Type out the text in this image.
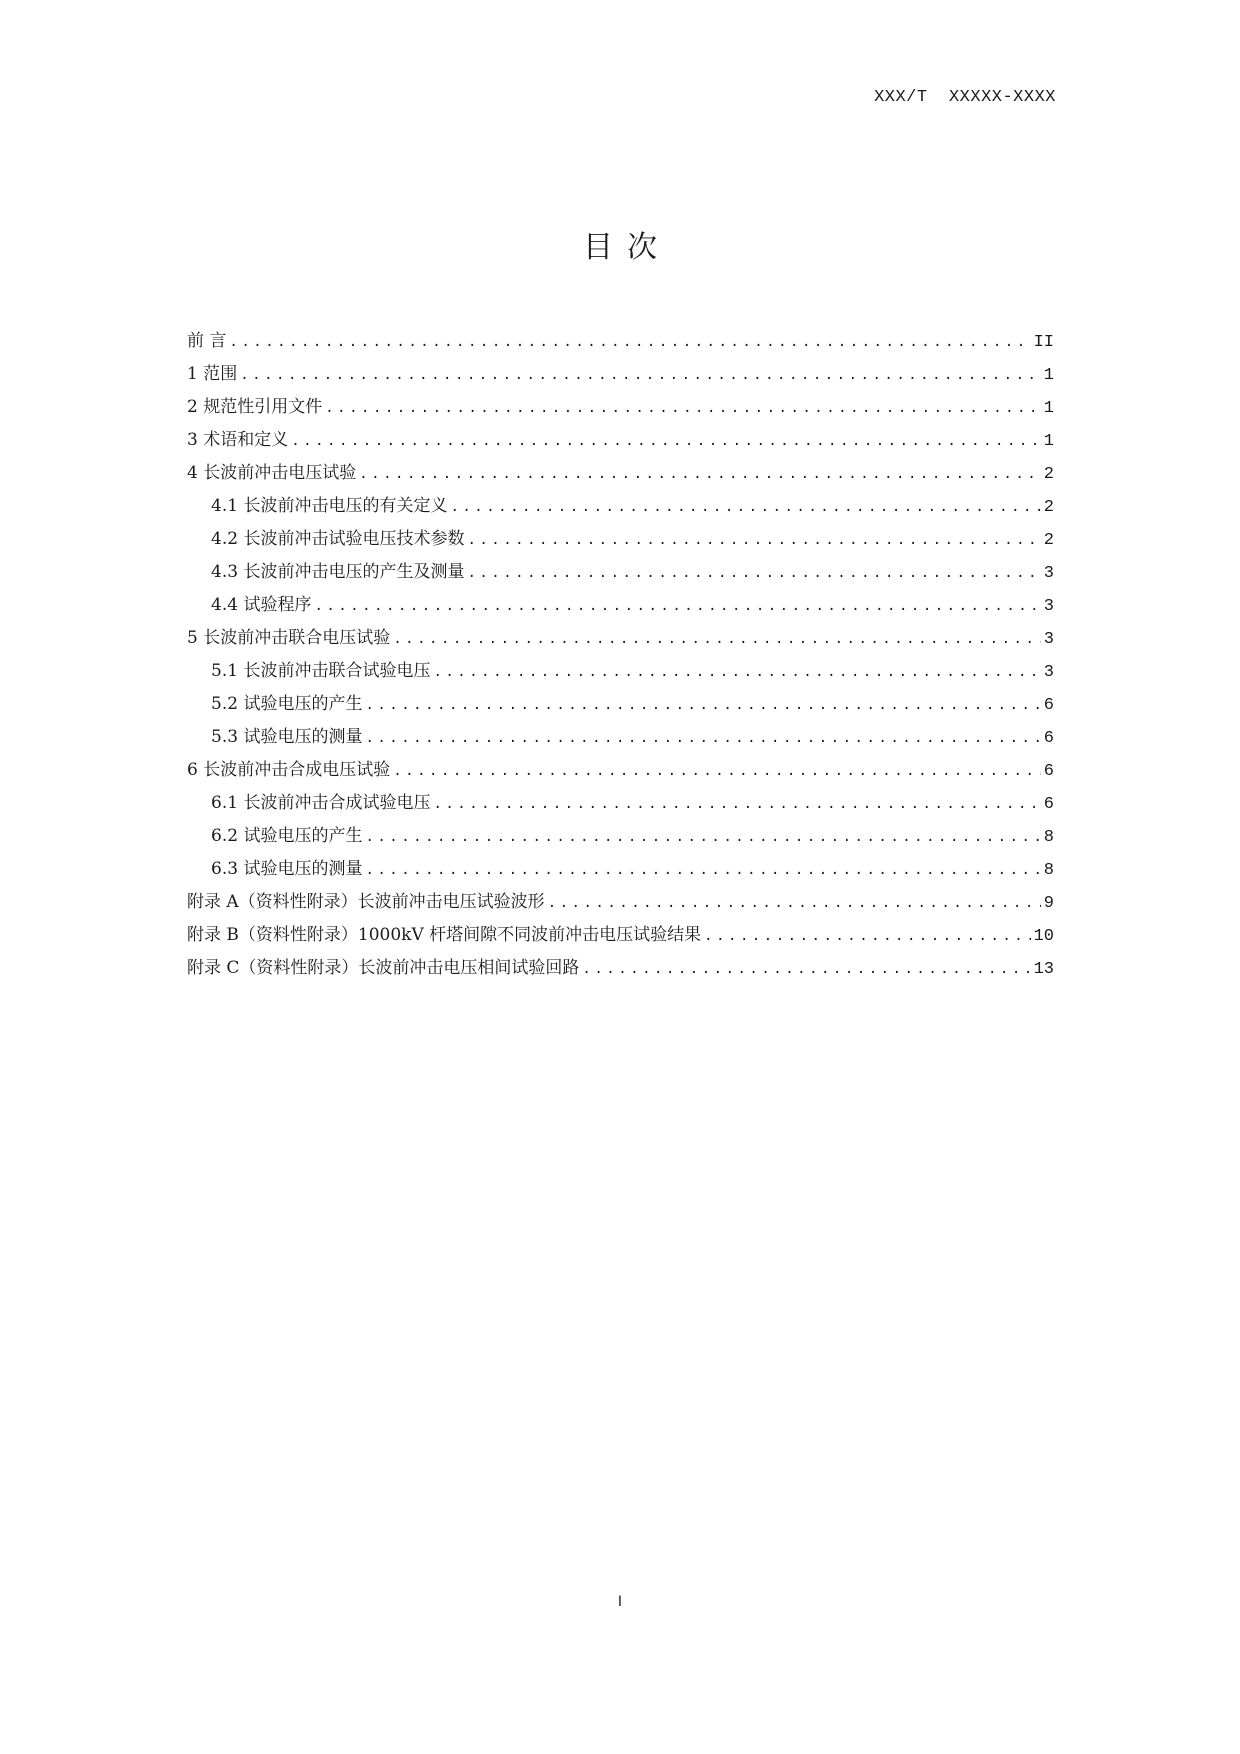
XXX/T  XXXXX-XXXX
目次
前 言 .....	II
1 范围 .....	1
2 规范性引用文件 .....	1
3 术语和定义 .....	1
4 长波前冲击电压试验 .....	2
4.1 长波前冲击电压的有关定义 .....	2
4.2 长波前冲击试验电压技术参数 .....	2
4.3 长波前冲击电压的产生及测量 .....	3
4.4 试验程序 .....	3
5 长波前冲击联合电压试验 .....	3
5.1 长波前冲击联合试验电压 .....	3
5.2 试验电压的产生 .....	6
5.3 试验电压的测量 .....	6
6 长波前冲击合成电压试验 .....	6
6.1 长波前冲击合成试验电压 .....	6
6.2 试验电压的产生 .....	8
6.3 试验电压的测量 .....	8
附录 A（资料性附录）长波前冲击电压试验波形 .....	9
附录 B（资料性附录）1000kV 杆塔间隙不同波前冲击电压试验结果 .....	10
附录 C（资料性附录）长波前冲击电压相间试验回路 .....	13
I
